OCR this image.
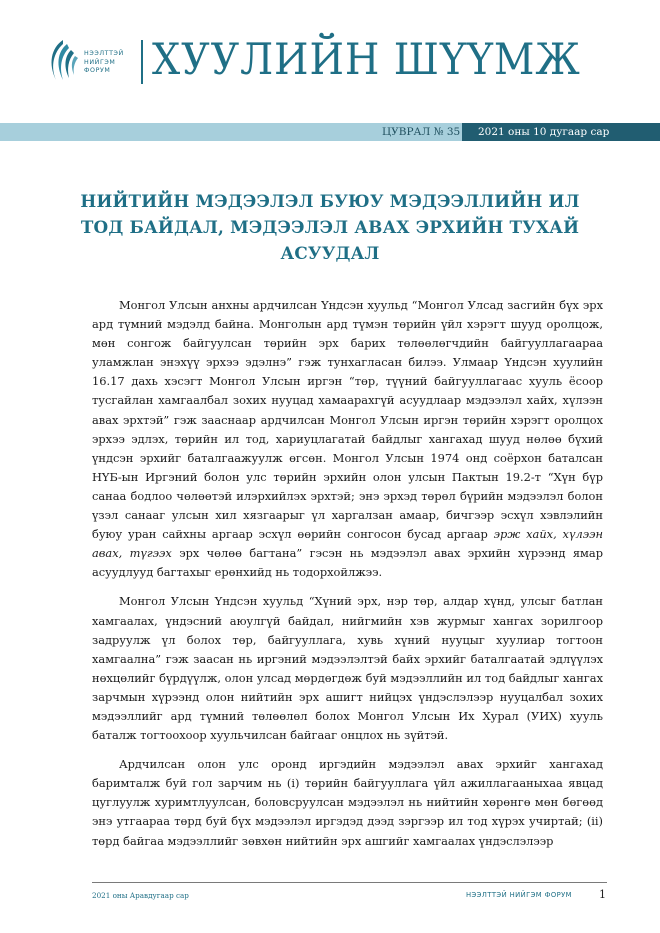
НЭЭЛТТЭЙ
НИЙГЭМ
ФОРУМ ХУУЛИЙН ШҮҮМЖ
ЦУВРАЛ № 35 2021 оны 10 дугаар сар
НИЙТИЙН МЭДЭЭЛЭЛ БУЮУ МЭДЭЭЛЛИЙН ИЛ ТОД БАЙДАЛ, МЭДЭЭЛЭЛ АВАХ ЭРХИЙН ТУХАЙ АСУУДАЛ

Монгол Улсын анхны ардчилсан Үндсэн хуульд “Монгол Улсад засгийн бүх эрх ард түмний мэдэлд байна. Монголын ард түмэн төрийн үйл хэрэгт шууд оролцож, мөн сонгож байгуулсан төрийн эрх барих төлөөлөгчдийн байгууллагаараа уламжлан энэхүү эрхээ эдэлнэ” гэж тунхагласан билээ. Улмаар Үндсэн хуулийн 16.17 дахь хэсэгт Монгол Улсын иргэн “төр, түүний байгууллагаас хууль ёсоор тусгайлан хамгаалбал зохих нууцад хамаарахгүй асуудлаар мэдээлэл хайх, хүлээн авах эрхтэй” гэж зааснаар ардчилсан Монгол Улсын иргэн төрийн хэрэгт оролцох эрхээ эдлэх, төрийн ил тод, хариуцлагатай байдлыг хангахад шууд нөлөө бүхий үндсэн эрхийг баталгаажуулж өгсөн. Монгол Улсын 1974 онд соёрхон баталсан НҮБ-ын Иргэний болон улс төрийн эрхийн олон улсын Пактын 19.2-т “Хүн бүр санаа бодлоо чөлөөтэй илэрхийлэх эрхтэй; энэ эрхэд төрөл бүрийн мэдээлэл болон үзэл санааг улсын хил хязгаарыг үл харгалзан амаар, бичгээр эсхүл хэвлэлийн буюу уран сайхны аргаар эсхүл өөрийн сонгосон бусад аргаар эрж хайх, хүлээн авах, түгээх эрх чөлөө багтана” гэсэн нь мэдээлэл авах эрхийн хүрээнд ямар асуудлууд багтахыг ерөнхийд нь тодорхойлжээ.

Монгол Улсын Үндсэн хуульд “Хүний эрх, нэр төр, алдар хүнд, улсыг батлан хамгаалах, үндэсний аюулгүй байдал, нийгмийн хэв журмыг хангах зорилгоор задруулж үл болох төр, байгууллага, хувь хүний нууцыг хуулиар тогтоон хамгаална” гэж заасан нь иргэний мэдээлэлтэй байх эрхийг баталгаатай эдлүүлэх нөхцөлийг бүрдүүлж, олон улсад мөрдөгдөж буй мэдээллийн ил тод байдлыг хангах зарчмын хүрээнд олон нийтийн эрх ашигт нийцэх үндэслэлээр нууцалбал зохих мэдээллийг ард түмний төлөөлөл болох Монгол Улсын Их Хурал (УИХ) хууль баталж тогтоохоор хуульчилсан байгааг онцлох нь зүйтэй.

Ардчилсан олон улс оронд иргэдийн мэдээлэл авах эрхийг хангахад баримталж буй гол зарчим нь (i) төрийн байгууллага үйл ажиллагааныхаа явцад цуглуулж хуримтлуулсан, боловсруулсан мэдээлэл нь нийтийн хөрөнгө мөн бөгөөд энэ утгаараа төрд буй бүх мэдээлэл иргэдэд дээд зэргээр ил тод хүрэх учиртай; (ii) төрд байгаа мэдээллийг зөвхөн нийтийн эрх ашгийг хамгаалах үндэслэлээр

2021 оны Аравдугаар сар	НЭЭЛТТЭЙ НИЙГЭМ ФОРУМ 1
